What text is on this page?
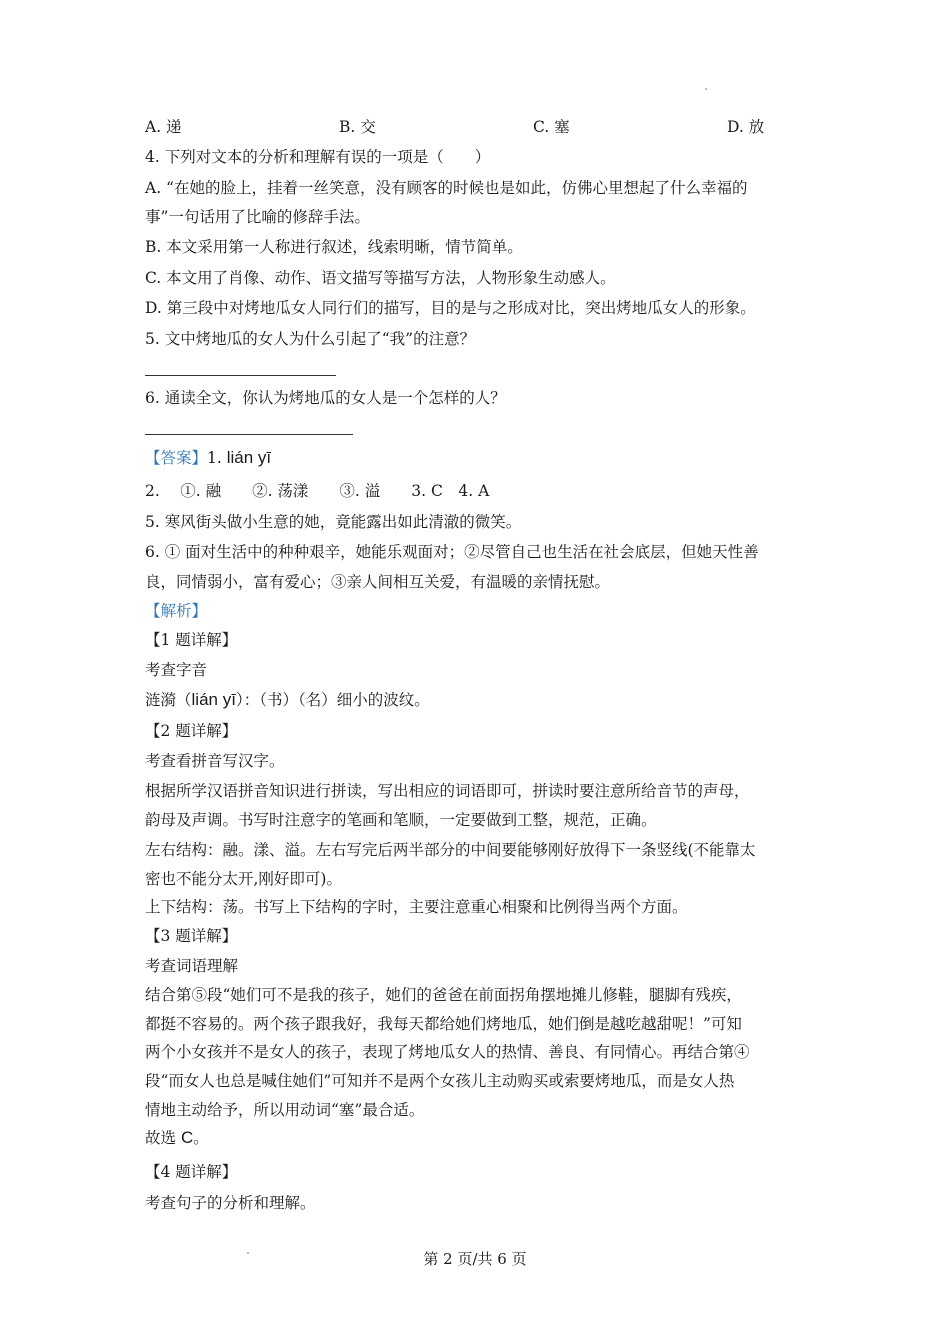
A. 递	B. 交	C. 塞	D. 放
4. 下列对文本的分析和理解有误的一项是（　　）
A. “在她的脸上，挂着一丝笑意，没有顾客的时候也是如此，仿佛心里想起了什么幸福的
事”一句话用了比喻的修辞手法。
B. 本文采用第一人称进行叙述，线索明晰，情节简单。
C. 本文用了肖像、动作、语文描写等描写方法，人物形象生动感人。
D. 第三段中对烤地瓜女人同行们的描写，目的是与之形成对比，突出烤地瓜女人的形象。
5. 文中烤地瓜的女人为什么引起了“我”的注意？
6. 通读全文，你认为烤地瓜的女人是一个怎样的人？
【答案】1. lián yī
2.　 ①. 融　　②. 荡漾　　③. 溢　　3. C　4. A
5. 寒风街头做小生意的她，竟能露出如此清澈的微笑。
6. ① 面对生活中的种种艰辛，她能乐观面对；②尽管自己也生活在社会底层，但她天性善
良，同情弱小，富有爱心；③亲人间相互关爱，有温暖的亲情抚慰。
【解析】
【1 题详解】
考查字音
涟漪（lián yī）：（书）（名）细小的波纹。
【2 题详解】
考查看拼音写汉字。
根据所学汉语拼音知识进行拼读，写出相应的词语即可，拼读时要注意所给音节的声母，
韵母及声调。书写时注意字的笔画和笔顺，一定要做到工整，规范，正确。
左右结构：融。漾、溢。左右写完后两半部分的中间要能够刚好放得下一条竖线(不能靠太
密也不能分太开,刚好即可)。
上下结构：荡。书写上下结构的字时，主要注意重心相聚和比例得当两个方面。
【3 题详解】
考查词语理解
结合第⑤段“她们可不是我的孩子，她们的爸爸在前面拐角摆地摊儿修鞋，腿脚有残疾，
都挺不容易的。两个孩子跟我好，我每天都给她们烤地瓜，她们倒是越吃越甜呢！”可知
两个小女孩并不是女人的孩子，表现了烤地瓜女人的热情、善良、有同情心。再结合第④
段“而女人也总是喊住她们”可知并不是两个女孩儿主动购买或索要烤地瓜，而是女人热
情地主动给予，所以用动词“塞”最合适。
故选 C。
【4 题详解】
考查句子的分析和理解。
第 2 页/共 6 页
